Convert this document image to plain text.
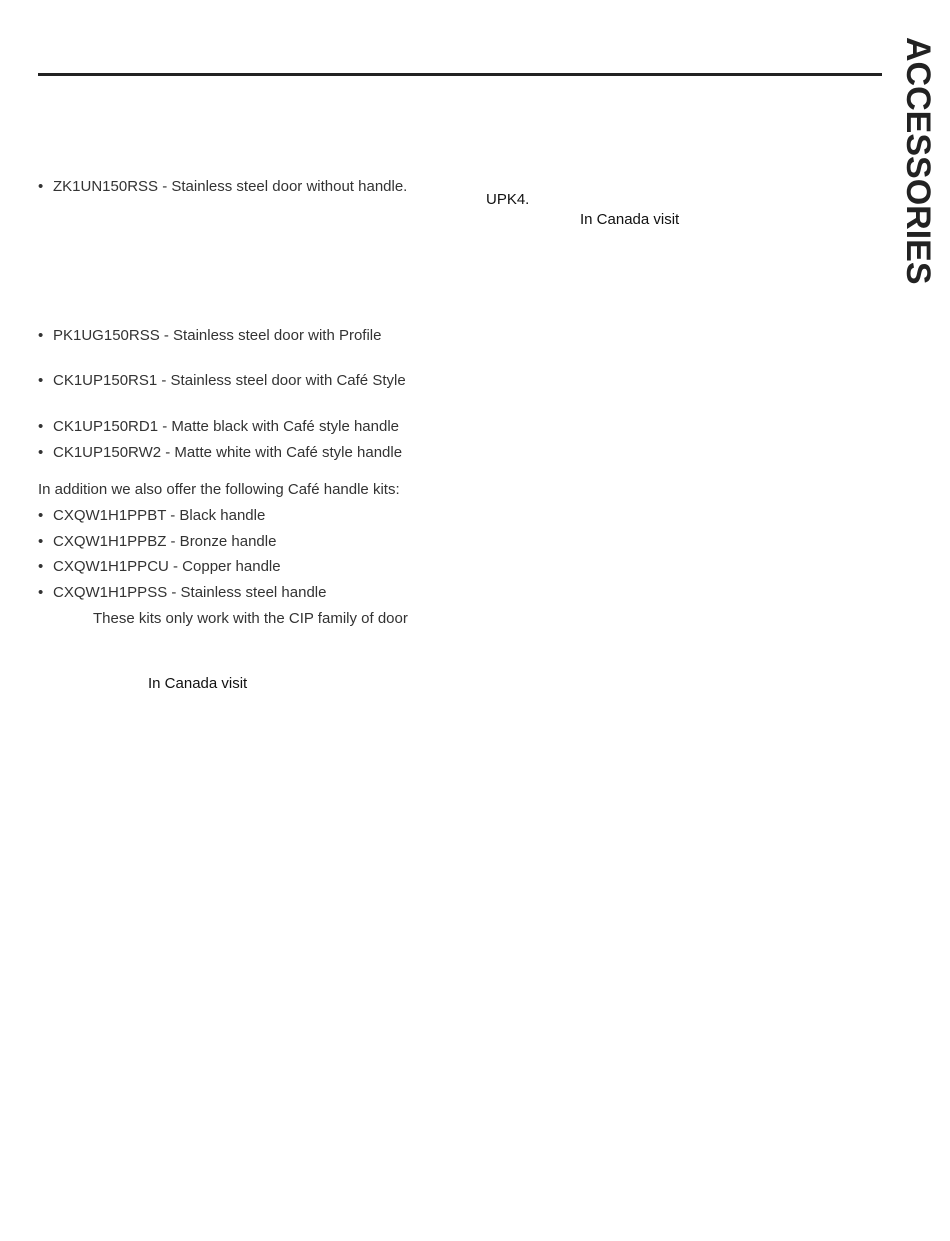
ACCESSORIES
• ZK1UN150RSS - Stainless steel door without handle.
• PK1UG150RSS - Stainless steel door with Profile
• CK1UP150RS1 - Stainless steel door with Café Style
• CK1UP150RD1 - Matte black with Café style handle
• CK1UP150RW2 - Matte white with Café style handle
In addition we also offer the following Café handle kits:
• CXQW1H1PPBT - Black handle
• CXQW1H1PPBZ - Bronze handle
• CXQW1H1PPCU - Copper handle
• CXQW1H1PPSS - Stainless steel handle
These kits only work with the CIP family of door
In Canada visit
UPK4.
In Canada visit
